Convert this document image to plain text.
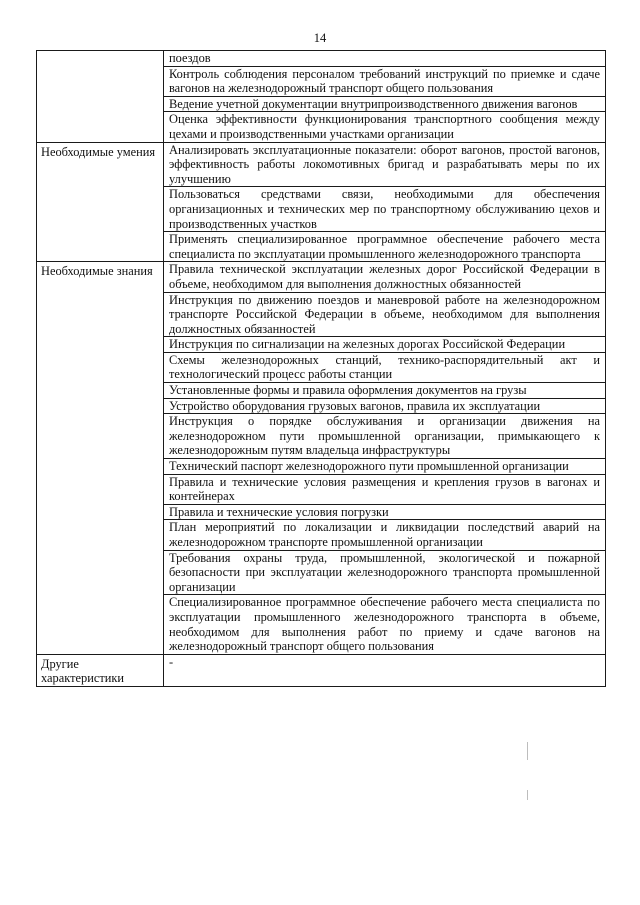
14
	поездов
	Контроль соблюдения персоналом требований инструкций по приемке и сдаче вагонов на железнодорожный транспорт общего пользования
	Ведение учетной документации внутрипроизводственного движения вагонов
	Оценка эффективности функционирования транспортного сообщения между цехами и производственными участками организации
Необходимые умения	Анализировать эксплуатационные показатели: оборот вагонов, простой вагонов, эффективность работы локомотивных бригад и разрабатывать меры по их улучшению
	Пользоваться средствами связи, необходимыми для обеспечения организационных и технических мер по транспортному обслуживанию цехов и производственных участков
	Применять специализированное программное обеспечение рабочего места специалиста по эксплуатации промышленного железнодорожного транспорта
Необходимые знания	Правила технической эксплуатации железных дорог Российской Федерации в объеме, необходимом для выполнения должностных обязанностей
	Инструкция по движению поездов и маневровой работе на железнодорожном транспорте Российской Федерации в объеме, необходимом для выполнения должностных обязанностей
	Инструкция по сигнализации на железных дорогах Российской Федерации
	Схемы железнодорожных станций, технико-распорядительный акт и технологический процесс работы станции
	Установленные формы и правила оформления документов на грузы
	Устройство оборудования грузовых вагонов, правила их эксплуатации
	Инструкция о порядке обслуживания и организации движения на железнодорожном пути промышленной организации, примыкающего к железнодорожным путям владельца инфраструктуры
	Технический паспорт железнодорожного пути промышленной организации
	Правила и технические условия размещения и крепления грузов в вагонах и контейнерах
	Правила и технические условия погрузки
	План мероприятий по локализации и ликвидации последствий аварий на железнодорожном транспорте промышленной организации
	Требования охраны труда, промышленной, экологической и пожарной безопасности при эксплуатации железнодорожного транспорта промышленной организации
	Специализированное программное обеспечение рабочего места специалиста по эксплуатации промышленного железнодорожного транспорта в объеме, необходимом для выполнения работ по приему и сдаче вагонов на железнодорожный транспорт общего пользования
Другие характеристики	-
